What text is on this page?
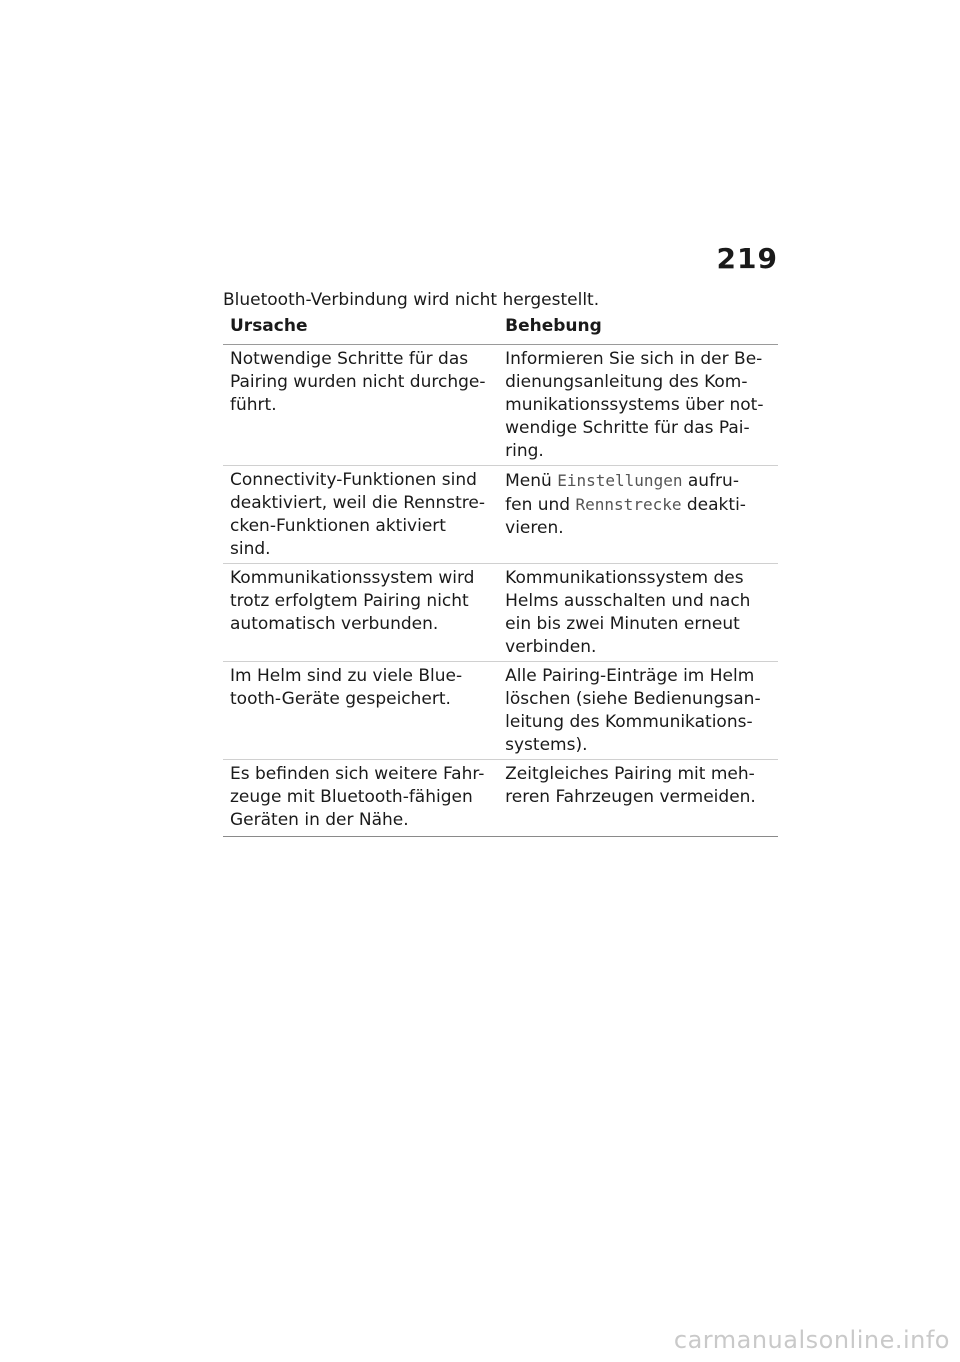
219
Bluetooth-Verbindung wird nicht hergestellt.
Ursache	Behebung
Notwendige Schritte für das Pairing wurden nicht durchge- führt.	Informieren Sie sich in der Be- dienungsanleitung des Kom- munikationssystems über not- wendige Schritte für das Pai- ring.
Connectivity-Funktionen sind deaktiviert, weil die Rennstre- cken-Funktionen aktiviert sind.	Menü Einstellungen aufru- fen und Rennstrecke deakti- vieren.
Kommunikationssystem wird trotz erfolgtem Pairing nicht automatisch verbunden.	Kommunikationssystem des Helms ausschalten und nach ein bis zwei Minuten erneut verbinden.
Im Helm sind zu viele Blue- tooth-Geräte gespeichert.	Alle Pairing-Einträge im Helm löschen (siehe Bedienungsan- leitung des Kommunikations- systems).
Es befinden sich weitere Fahr- zeuge mit Bluetooth-fähigen Geräten in der Nähe.	Zeitgleiches Pairing mit meh- reren Fahrzeugen vermeiden.
carmanualsonline.info
